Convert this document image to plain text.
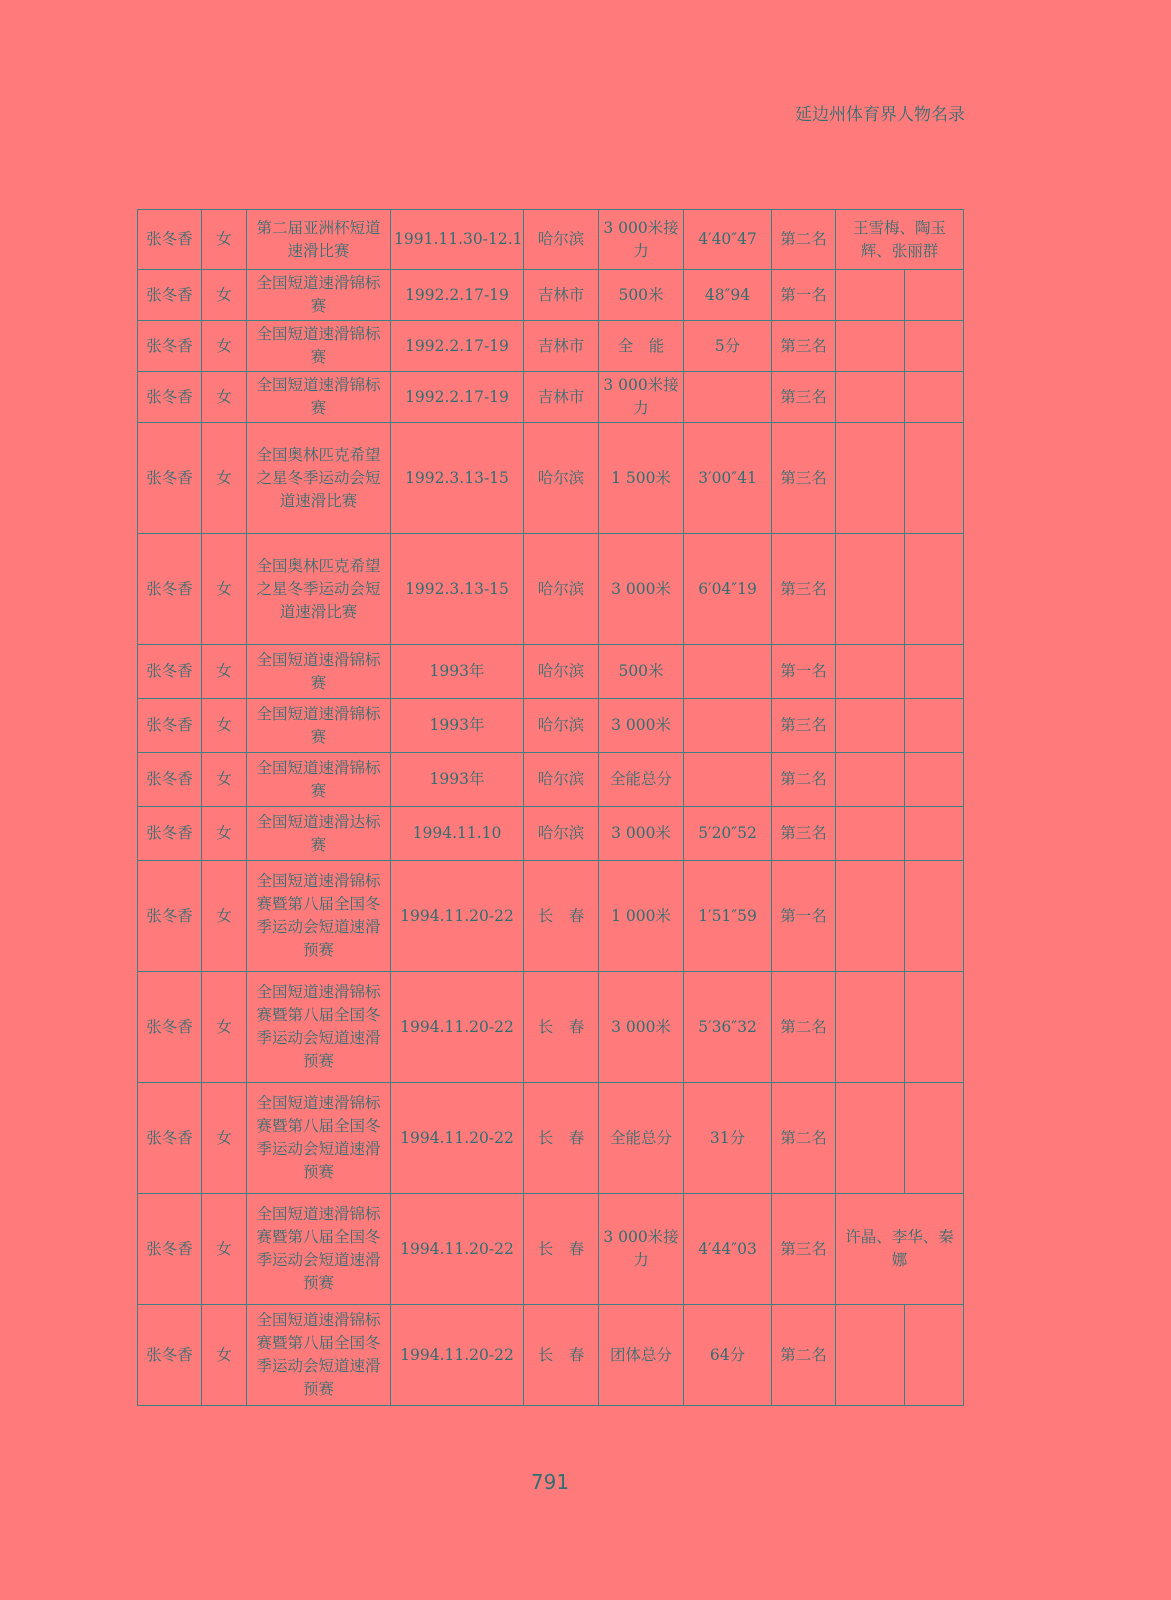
延边州体育界人物名录
张冬香	女	第二届亚洲杯短道速滑比赛	1991.11.30-12.1	哈尔滨	3 000米接力	4′40″47	第二名	王雪梅、陶玉辉、张丽群	
张冬香	女	全国短道速滑锦标赛	1992.2.17-19	吉林市	500米	48″94	第一名		
张冬香	女	全国短道速滑锦标赛	1992.2.17-19	吉林市	全　能	5分	第三名		
张冬香	女	全国短道速滑锦标赛	1992.2.17-19	吉林市	3 000米接力		第三名		
张冬香	女	全国奥林匹克希望之星冬季运动会短道速滑比赛	1992.3.13-15	哈尔滨	1 500米	3′00″41	第三名		
张冬香	女	全国奥林匹克希望之星冬季运动会短道速滑比赛	1992.3.13-15	哈尔滨	3 000米	6′04″19	第三名		
张冬香	女	全国短道速滑锦标赛	1993年	哈尔滨	500米		第一名		
张冬香	女	全国短道速滑锦标赛	1993年	哈尔滨	3 000米		第三名		
张冬香	女	全国短道速滑锦标赛	1993年	哈尔滨	全能总分		第二名		
张冬香	女	全国短道速滑达标赛	1994.11.10	哈尔滨	3 000米	5′20″52	第三名		
张冬香	女	全国短道速滑锦标赛暨第八届全国冬季运动会短道速滑预赛	1994.11.20-22	长　春	1 000米	1′51″59	第一名		
张冬香	女	全国短道速滑锦标赛暨第八届全国冬季运动会短道速滑预赛	1994.11.20-22	长　春	3 000米	5′36″32	第二名		
张冬香	女	全国短道速滑锦标赛暨第八届全国冬季运动会短道速滑预赛	1994.11.20-22	长　春	全能总分	31分	第二名		
张冬香	女	全国短道速滑锦标赛暨第八届全国冬季运动会短道速滑预赛	1994.11.20-22	长　春	3 000米接力	4′44″03	第三名	许晶、李华、秦娜	
张冬香	女	全国短道速滑锦标赛暨第八届全国冬季运动会短道速滑预赛	1994.11.20-22	长　春	团体总分	64分	第二名		
791
